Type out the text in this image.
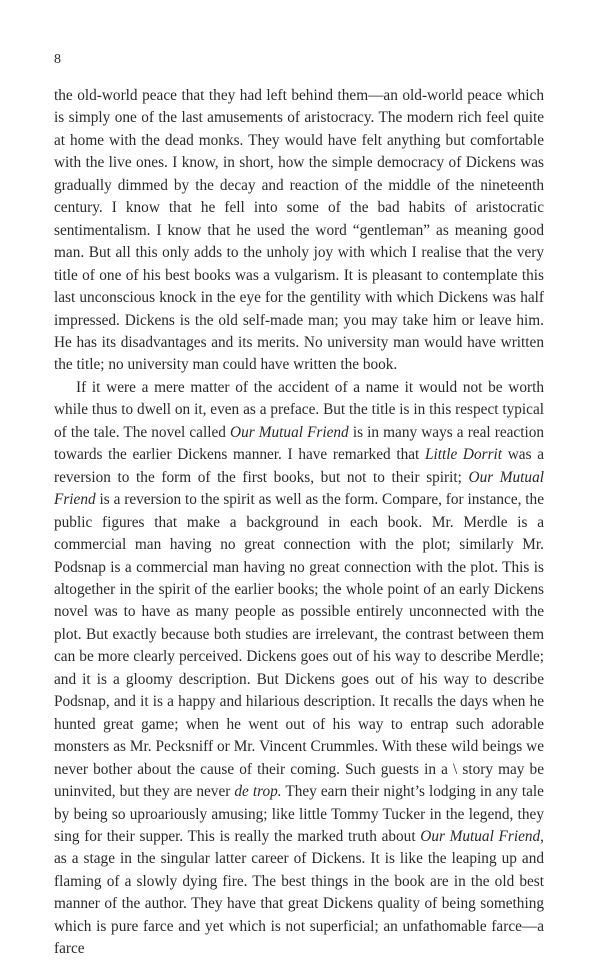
8

the old-world peace that they had left behind them—an old-world peace which is simply one of the last amusements of aristocracy. The modern rich feel quite at home with the dead monks. They would have felt anything but comfortable with the live ones. I know, in short, how the simple democracy of Dickens was gradually dimmed by the decay and reaction of the middle of the nineteenth century. I know that he fell into some of the bad habits of aristocratic sentimentalism. I know that he used the word “gentleman” as meaning good man. But all this only adds to the unholy joy with which I realise that the very title of one of his best books was a vulgarism. It is pleasant to contemplate this last unconscious knock in the eye for the gentility with which Dickens was half impressed. Dickens is the old self-made man; you may take him or leave him. He has its disadvantages and its merits. No university man would have written the title; no university man could have written the book.

If it were a mere matter of the accident of a name it would not be worth while thus to dwell on it, even as a preface. But the title is in this respect typical of the tale. The novel called Our Mutual Friend is in many ways a real reaction towards the earlier Dickens manner. I have remarked that Little Dorrit was a reversion to the form of the first books, but not to their spirit; Our Mutual Friend is a reversion to the spirit as well as the form. Compare, for instance, the public figures that make a background in each book. Mr. Merdle is a commercial man having no great connection with the plot; similarly Mr. Podsnap is a commercial man having no great connection with the plot. This is altogether in the spirit of the earlier books; the whole point of an early Dickens novel was to have as many people as possible entirely unconnected with the plot. But exactly because both studies are irrelevant, the contrast between them can be more clearly perceived. Dickens goes out of his way to describe Merdle; and it is a gloomy description. But Dickens goes out of his way to describe Podsnap, and it is a happy and hilarious description. It recalls the days when he hunted great game; when he went out of his way to entrap such adorable monsters as Mr. Pecksniff or Mr. Vincent Crummles. With these wild beings we never bother about the cause of their coming. Such guests in a \ story may be uninvited, but they are never de trop. They earn their night’s lodging in any tale by being so uproariously amusing; like little Tommy Tucker in the legend, they sing for their supper. This is really the marked truth about Our Mutual Friend, as a stage in the singular latter career of Dickens. It is like the leaping up and flaming of a slowly dying fire. The best things in the book are in the old best manner of the author. They have that great Dickens quality of being something which is pure farce and yet which is not superficial; an unfathomable farce—a farce
